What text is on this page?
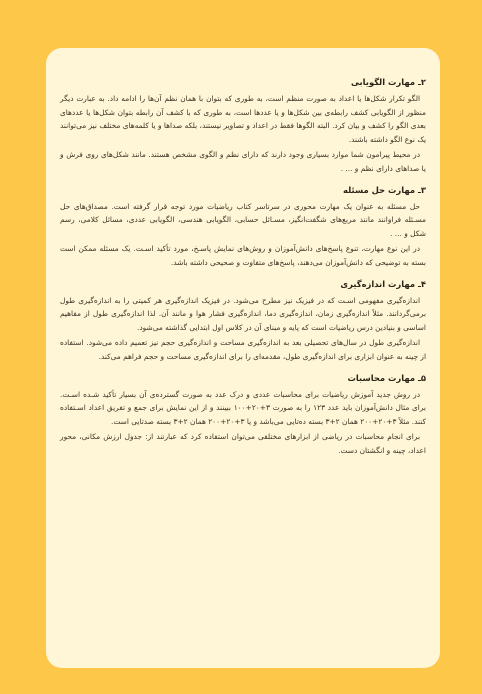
۲ـ مهارت الگویابی

الگو تکرار شکل‌ها یا اعداد به صورت منظم است، به طوری که بتوان با همان نظم آن‌ها را ادامه داد. به عبارت دیگر منظور از الگویابی کشف رابطه‌ی بین شکل‌ها و یا عددها است، به طوری که با کشف آن رابطه بتوان شکل‌ها یا عددهای بعدی الگو را کشف و بیان کرد. البته الگوها فقط در اعداد و تصاویر نیستند، بلکه صداها و یا کلمه‌های مختلف نیز می‌توانند یک نوع الگو داشته باشند.

در محیط پیرامون شما موارد بسیاری وجود دارند که دارای نظم و الگوی مشخص هستند. مانند شکل‌های روی فرش و یا صداهای دارای نظم و ... .

۳ـ مهارت حل مسئله

حل مسئله به عنوان یک مهارت محوری در سرتاسر کتاب ریاضیات مورد توجه قرار گرفته است. مصداق‌های حل مسـئله فراوانند مانند مربع‌های شگفت‌انگیز، مسـائل حسابی، الگویابی هندسی، الگویابی عددی، مسائل کلامی، رسم شکل و ... .

در این نوع مهارت، تنوع پاسخ‌های دانش‌آموزان و روش‌های نمایش پاسـخ، مورد تأکید اسـت. یک مسئله ممکن است بسته به توضیحی که دانش‌آموزان می‌دهند، پاسخ‌های متفاوت و صحیحی داشته باشد.

۴ـ مهارت اندازه‌گیری

اندازه‌گیری مفهومی اسـت که در فیزیک نیز مطرح می‌شود. در فیزیک اندازه‌گیری هر کمیتی را به اندازه‌گیری طول برمی‌گردانند. مثلاً اندازه‌گیری زمان، اندازه‌گیری دما، اندازه‌گیری فشار هوا و مانند آن. لذا اندازه‌گیری طول از مفاهیم اساسی و بنیادین درس ریاضیات است که پایه و مبنای آن در کلاس اول ابتدایی گذاشته می‌شود.

اندازه‌گیری طول در سال‌های تحصیلی بعد به اندازه‌گیری مساحت و اندازه‌گیری حجم نیز تعمیم داده می‌شود. استفاده از چینه به عنوان ابزاری برای اندازه‌گیری طول، مقدمه‌ای را برای اندازه‌گیری مساحت و حجم فراهم می‌کند.

۵ـ مهارت محاسبات

در روش جدید آموزش ریاضیات برای محاسبات عددی و درک عدد به صورت گسترده‌ی آن بسیار تأکید شـده اسـت. برای مثال دانش‌آموزان باید عدد ۱۲۳ را به صورت ۳+۲۰+۱۰۰ ببینند و از این نمایش برای جمع و تفریق اعداد اسـتفاده کنند. مثلاً ۳+۲۰+۲۰۰ همان ۲+۳ بسته ده‌تایی می‌باشد و یا ۳+۲۰+۲۰۰ همان ۲+۳ بسته صدتایی است.

برای انجام محاسبات در ریاضی از ابزارهای مختلفی می‌توان استفاده کرد که عبارتند از: جدول ارزش مکانی، محور اعداد، چینه و انگشتان دست.
